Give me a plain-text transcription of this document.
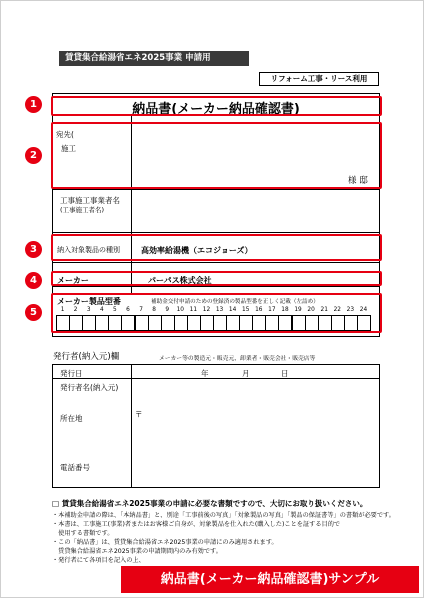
賃貸集合給湯省エネ2025事業 申請用
リフォーム工事・リース利用
納品書(メーカー納品確認書)
宛先(
施工
様 邸
工事施工事業者名
(工事施工者名)
納入対象製品の種別	高効率給湯機（エコジョーズ）
メーカー	パーパス株式会社
メーカー製品型番	補助金交付申請のための登録済の製品型番を正しく記載（左詰め）
1	2	3	4	5	6	7	8	9	10 11 12 13 14 15 16 17 18 19 20 21 22 23 24
1
2
3
4
5
発行者(納入元)欄	メーカー等の製造元・販売元、卸業者・販売会社・販売店等
発行日	年	月	日
発行者名(納入元)
所在地	〒
電話番号
□ 賃貸集合給湯省エネ2025事業の申請に必要な書類ですので、大切にお取り扱いください。
・本補助金申請の際は、「本納品書」と、別途「工事前後の写真」「対象製品の写真」「製品の保証書等」の書類が必要です。
・本書は、工事施工(事業)者またはお客様ご自身が、対象製品を仕入れた(購入した)ことを証する目的で
　使用する書類です。
・この「納品書」は、賃貸集合給湯省エネ2025事業の申請にのみ適用されます。
　賃貸集合給湯省エネ2025事業の申請期間内のみ有効です。
・発行者にて各項目を記入の上、
納品書(メーカー納品確認書)サンプル
